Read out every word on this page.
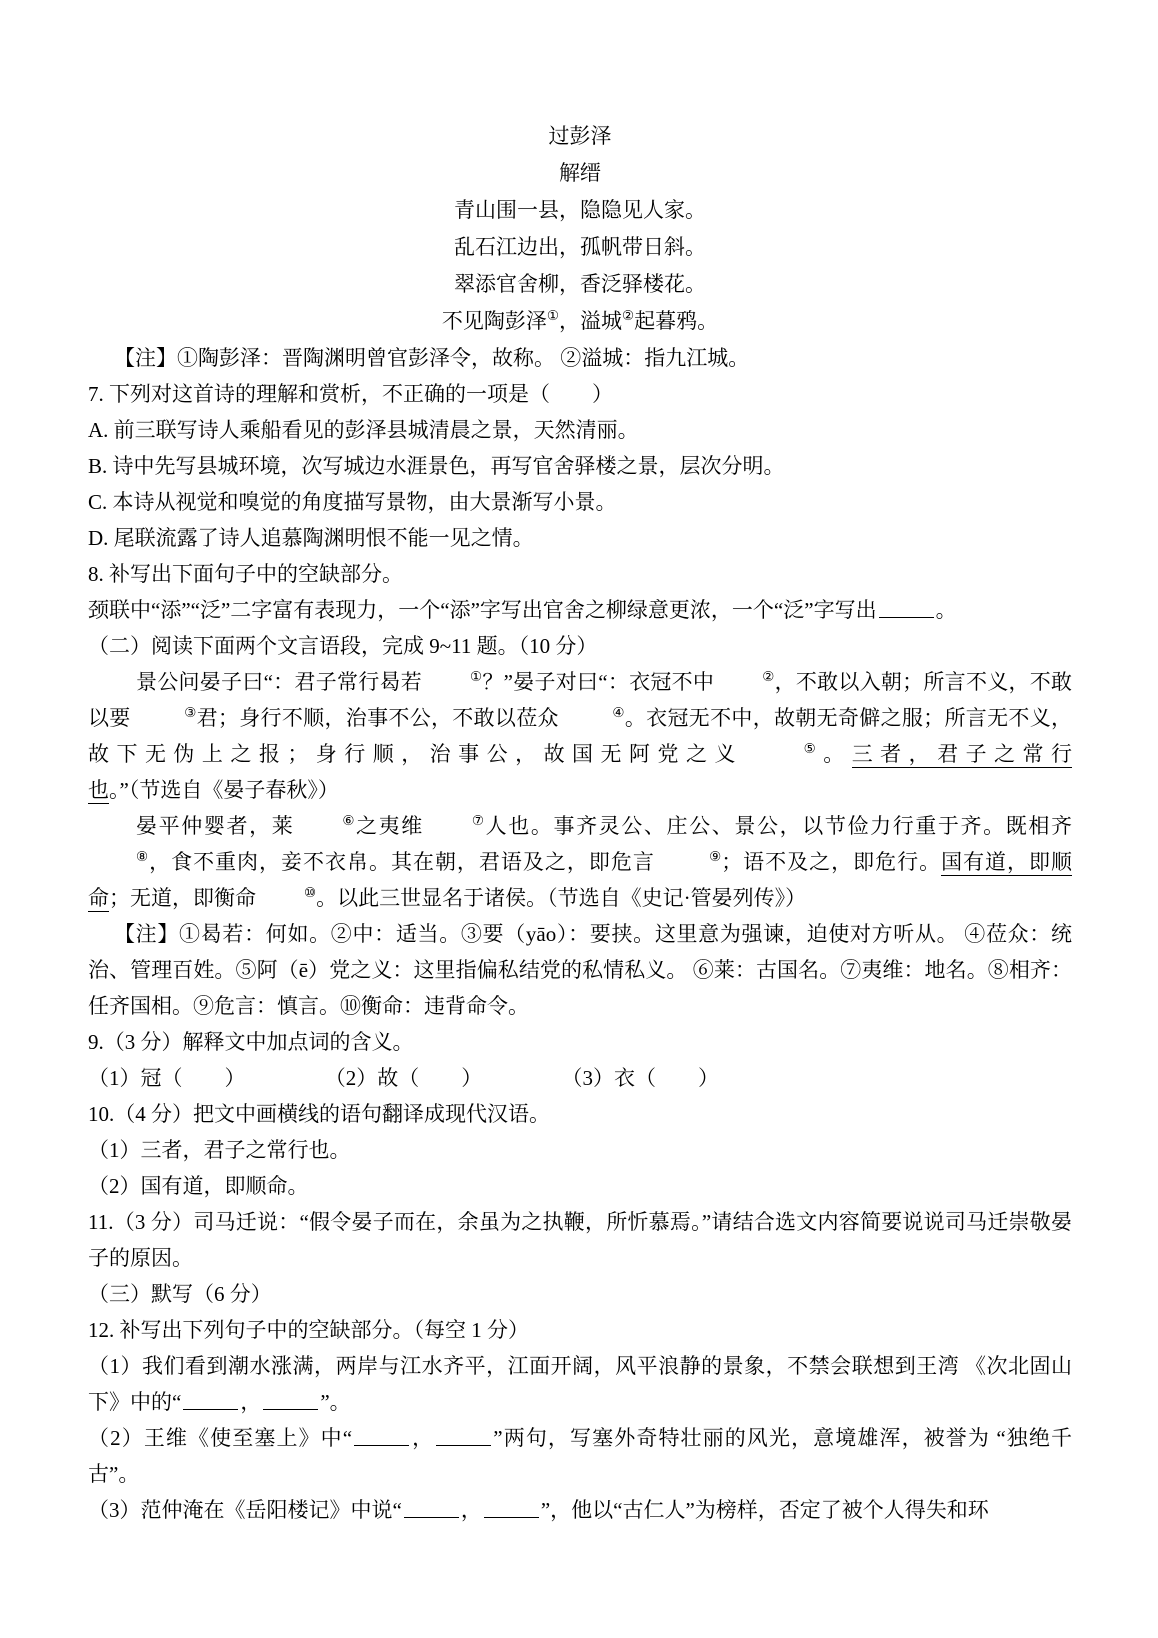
过彭泽
解缙
青山围一县，隐隐见人家。
乱石江边出，孤帆带日斜。
翠添官舍柳，香泛驿楼花。
不见陶彭泽①，溢城②起暮鸦。
【注】①陶彭泽：晋陶渊明曾官彭泽令，故称。 ②溢城：指九江城。
7. 下列对这首诗的理解和赏析，不正确的一项是（　　）
A. 前三联写诗人乘船看见的彭泽县城清晨之景，天然清丽。
B. 诗中先写县城环境，次写城边水涯景色，再写官舍驿楼之景，层次分明。
C. 本诗从视觉和嗅觉的角度描写景物，由大景渐写小景。
D. 尾联流露了诗人追慕陶渊明恨不能一见之情。
8. 补写出下面句子中的空缺部分。
颈联中“添”“泛”二字富有表现力，一个“添”字写出官舍之柳绿意更浓，一个“泛”字写出	。
（二）阅读下面两个文言语段，完成 9~11 题。（10 分）
景公问晏子曰“：君子常行曷若	①？”晏子对曰“：衣冠不中	②，不敢以入朝；所言不义，不敢以要	③君；身行不顺，治事不公，不敢以莅众	④。衣冠无不中，故朝无奇僻之服；所言无不义，故下无伪上之报；身行顺，治事公，故国无阿党之义	⑤。三者，君子之常行也。”（节选自《晏子春秋》）
晏平仲婴者，莱	⑥之夷维	⑦人也。事齐灵公、庄公、景公，以节俭力行重于齐。既相齐 ⑧，食不重肉，妾不衣帛。其在朝，君语及之，即危言	⑨；语不及之，即危行。国有道，即顺命；无道，即衡命	⑩。以此三世显名于诸侯。（节选自《史记·管晏列传》）
【注】①曷若：何如。②中：适当。③要（yāo）：要挟。这里意为强谏，迫使对方听从。 ④莅众：统治、管理百姓。⑤阿（ē）党之义：这里指偏私结党的私情私义。 ⑥莱：古国名。⑦夷维：地名。⑧相齐：任齐国相。⑨危言：慎言。⑩衡命：违背命令。
9.（3 分）解释文中加点词的含义。
（1）冠（　　）	（2）故（　　）	（3）衣（　　）
10.（4 分）把文中画横线的语句翻译成现代汉语。
（1）三者，君子之常行也。
（2）国有道，即顺命。
11.（3 分）司马迁说：“假令晏子而在，余虽为之执鞭，所忻慕焉。”请结合选文内容简要说说司马迁崇敬晏子的原因。
（三）默写（6 分）
12. 补写出下列句子中的空缺部分。（每空 1 分）
（1）我们看到潮水涨满，两岸与江水齐平，江面开阔，风平浪静的景象，不禁会联想到王湾 《次北固山下》中的“	，	”。
（2）王维《使至塞上》中“	，	”两句，写塞外奇特壮丽的风光，意境雄浑，被誉为 “独绝千古”。
（3）范仲淹在《岳阳楼记》中说“	，	”，他以“古仁人”为榜样，否定了被个人得失和环
